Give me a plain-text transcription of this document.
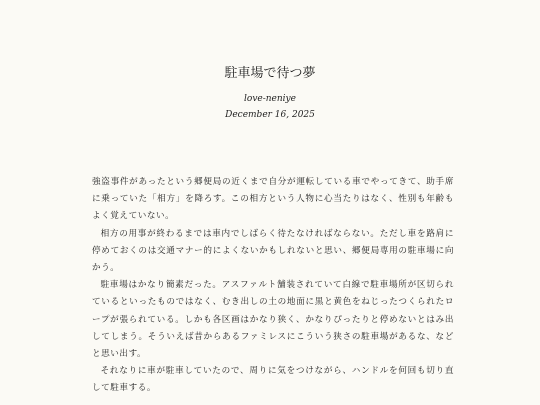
駐車場で待つ夢
love-neniye
December 16, 2025

強盗事件があったという郷便局の近くまで自分が運転している車でやってきて、助手席に乗っていた「相方」を降ろす。この相方という人物に心当たりはなく、性別も年齢もよく覚えていない。

相方の用事が終わるまでは車内でしばらく待たなければならない。ただし車を路肩に停めておくのは交通マナー的によくないかもしれないと思い、郷便局専用の駐車場に向かう。

駐車場はかなり簡素だった。アスファルト舗装されていて白線で駐車場所が区切られているといったものではなく、むき出しの土の地面に黒と黄色をねじったつくられたロープが張られている。しかも各区画はかなり狭く、かなりぴったりと停めないとはみ出してしまう。そういえば昔からあるファミレスにこういう狭さの駐車場があるな、などと思い出す。

それなりに車が駐車していたので、周りに気をつけながら、ハンドルを何回も切り直して駐車する。
